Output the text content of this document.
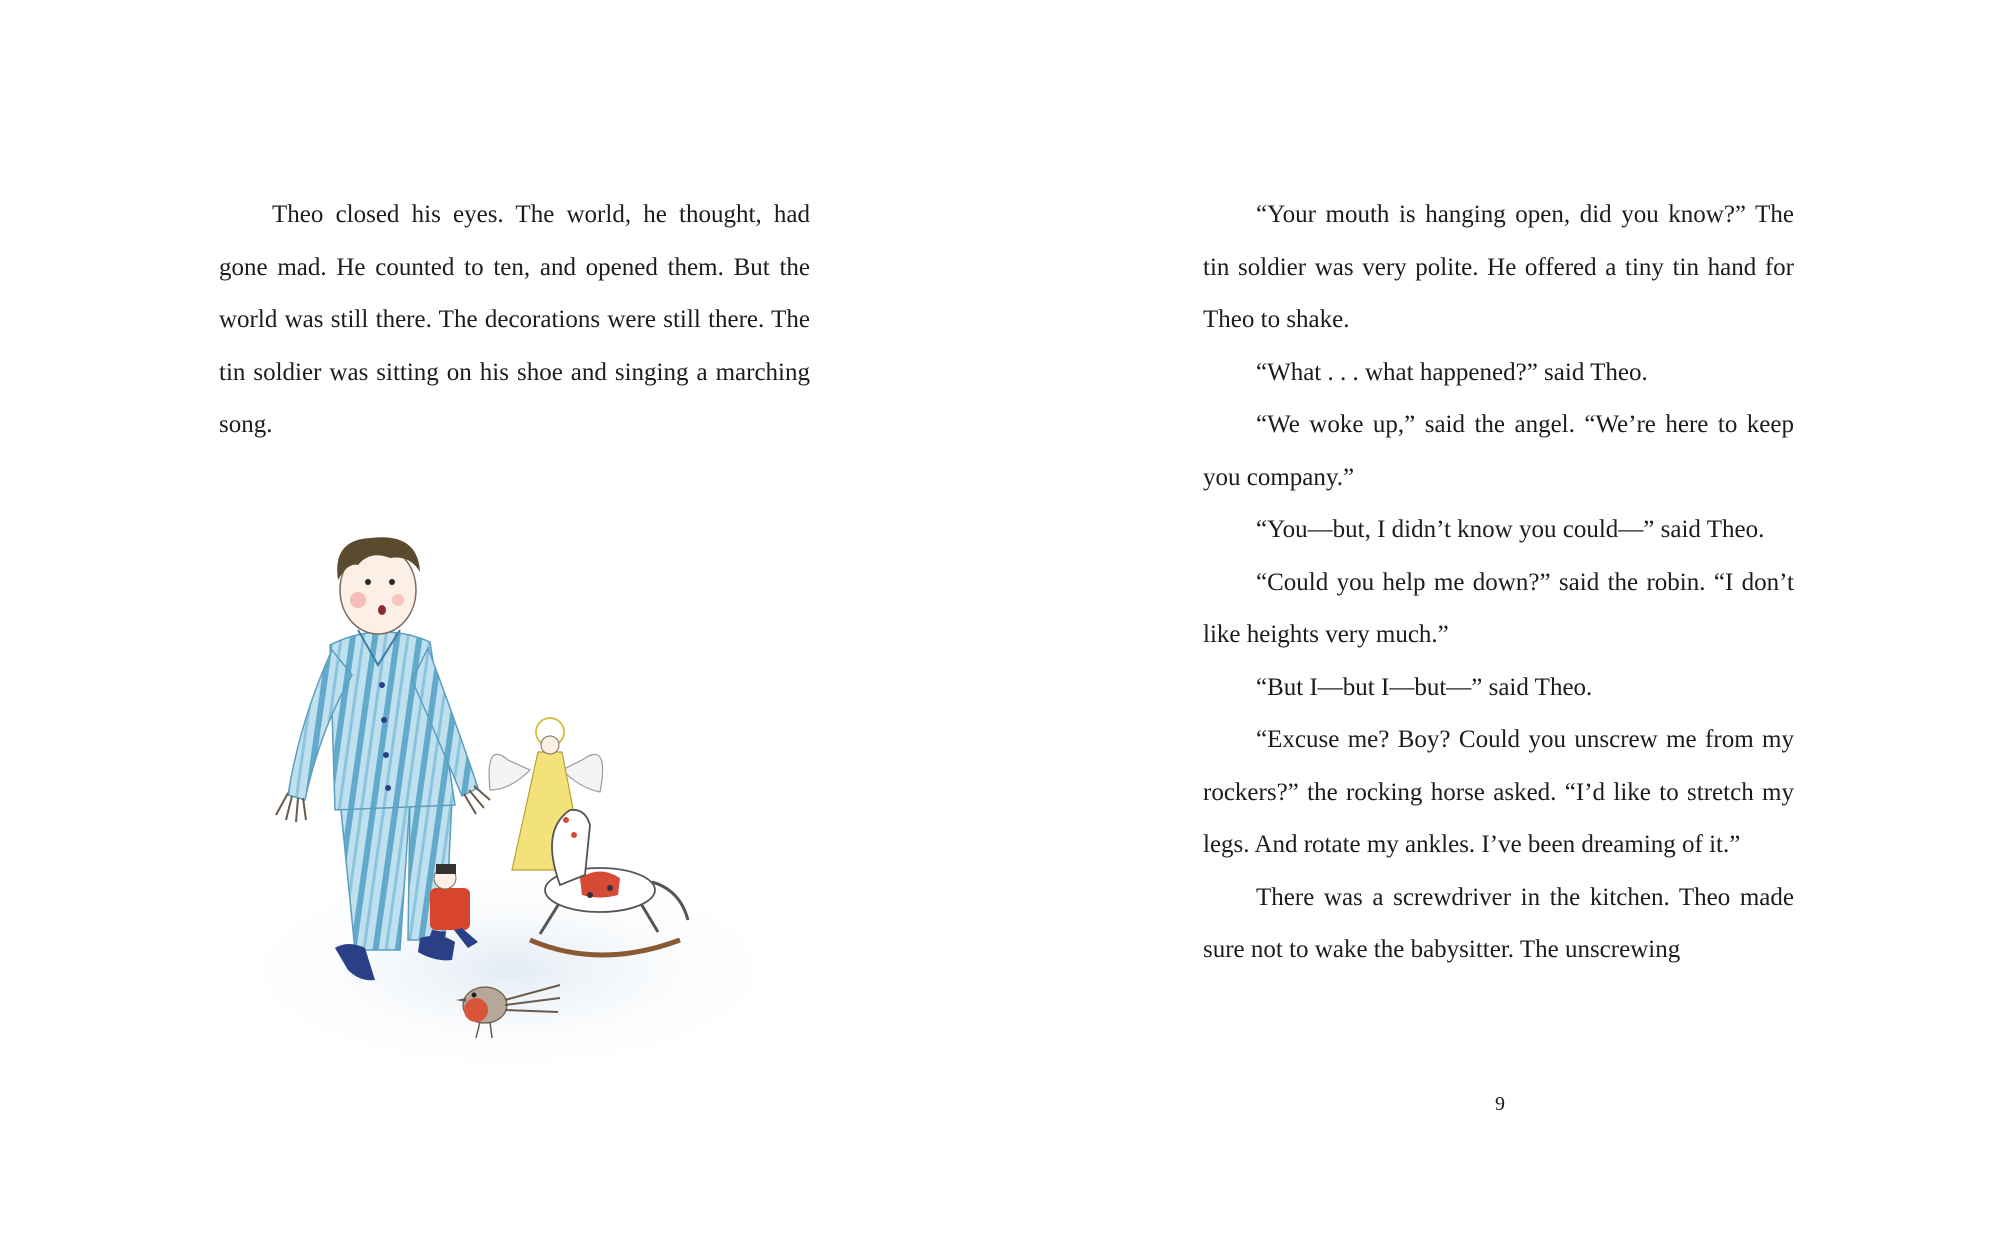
Theo closed his eyes. The world, he thought, had gone mad. He counted to ten, and opened them. But the world was still there. The decorations were still there. The tin soldier was sitting on his shoe and singing a marching song.

“Your mouth is hanging open, did you know?” The tin soldier was very polite. He offered a tiny tin hand for Theo to shake.

“What . . . what happened?” said Theo.

“We woke up,” said the angel. “We’re here to keep you company.”

“You—but, I didn’t know you could—” said Theo.

“Could you help me down?” said the robin. “I don’t like heights very much.”

“But I—but I—but—” said Theo.

“Excuse me? Boy? Could you unscrew me from my rockers?” the rocking horse asked. “I’d like to stretch my legs. And rotate my ankles. I’ve been dreaming of it.”

There was a screwdriver in the kitchen. Theo made sure not to wake the babysitter. The unscrewing

9
